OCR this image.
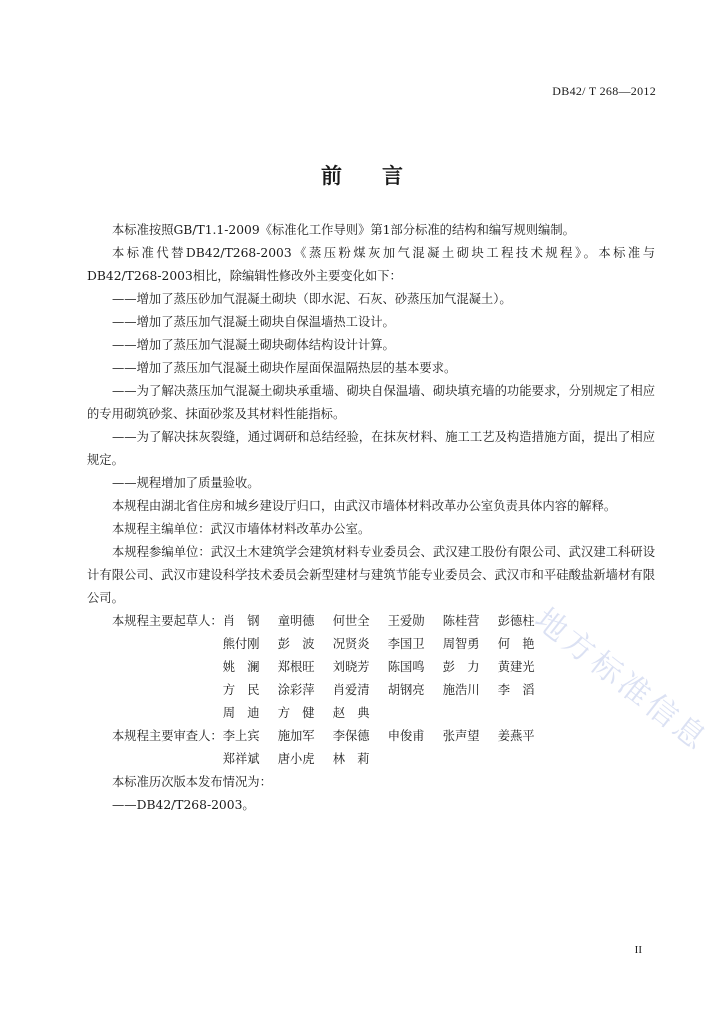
DB42/ T 268—2012
前言

本标准按照GB/T1.1-2009《标准化工作导则》第1部分标准的结构和编写规则编制。

本标准代替DB42/T268-2003《蒸压粉煤灰加气混凝土砌块工程技术规程》。本标准与DB42/T268-2003相比，除编辑性修改外主要变化如下：

——增加了蒸压砂加气混凝土砌块（即水泥、石灰、砂蒸压加气混凝土）。

——增加了蒸压加气混凝土砌块自保温墙热工设计。

——增加了蒸压加气混凝土砌块砌体结构设计计算。

——增加了蒸压加气混凝土砌块作屋面保温隔热层的基本要求。

——为了解决蒸压加气混凝土砌块承重墙、砌块自保温墙、砌块填充墙的功能要求，分别规定了相应的专用砌筑砂浆、抹面砂浆及其材料性能指标。

——为了解决抹灰裂缝，通过调研和总结经验，在抹灰材料、施工工艺及构造措施方面，提出了相应规定。

——规程增加了质量验收。

本规程由湖北省住房和城乡建设厅归口，由武汉市墙体材料改革办公室负责具体内容的解释。

本规程主编单位：武汉市墙体材料改革办公室。

本规程参编单位：武汉土木建筑学会建筑材料专业委员会、武汉建工股份有限公司、武汉建工科研设计有限公司、武汉市建设科学技术委员会新型建材与建筑节能专业委员会、武汉市和平硅酸盐新墙材有限公司。

本规程主要起草人： 肖　钢	童明德	何世全	王爱勋	陈桂营	彭德柱
熊付刚	彭　波	况贤炎	李国卫	周智勇	何　艳
姚　澜	郑根旺	刘晓芳	陈国鸣	彭　力	黄建光
方　民	涂彩萍	肖爱清	胡钢亮	施浩川	李　滔
周　迪	方　健	赵　典
本规程主要审查人： 李上宾	施加军	李保德	申俊甫	张声望	姜燕平
郑祥斌	唐小虎	林　莉

本标准历次版本发布情况为：

——DB42/T268-2003。

地方标准信息
II
